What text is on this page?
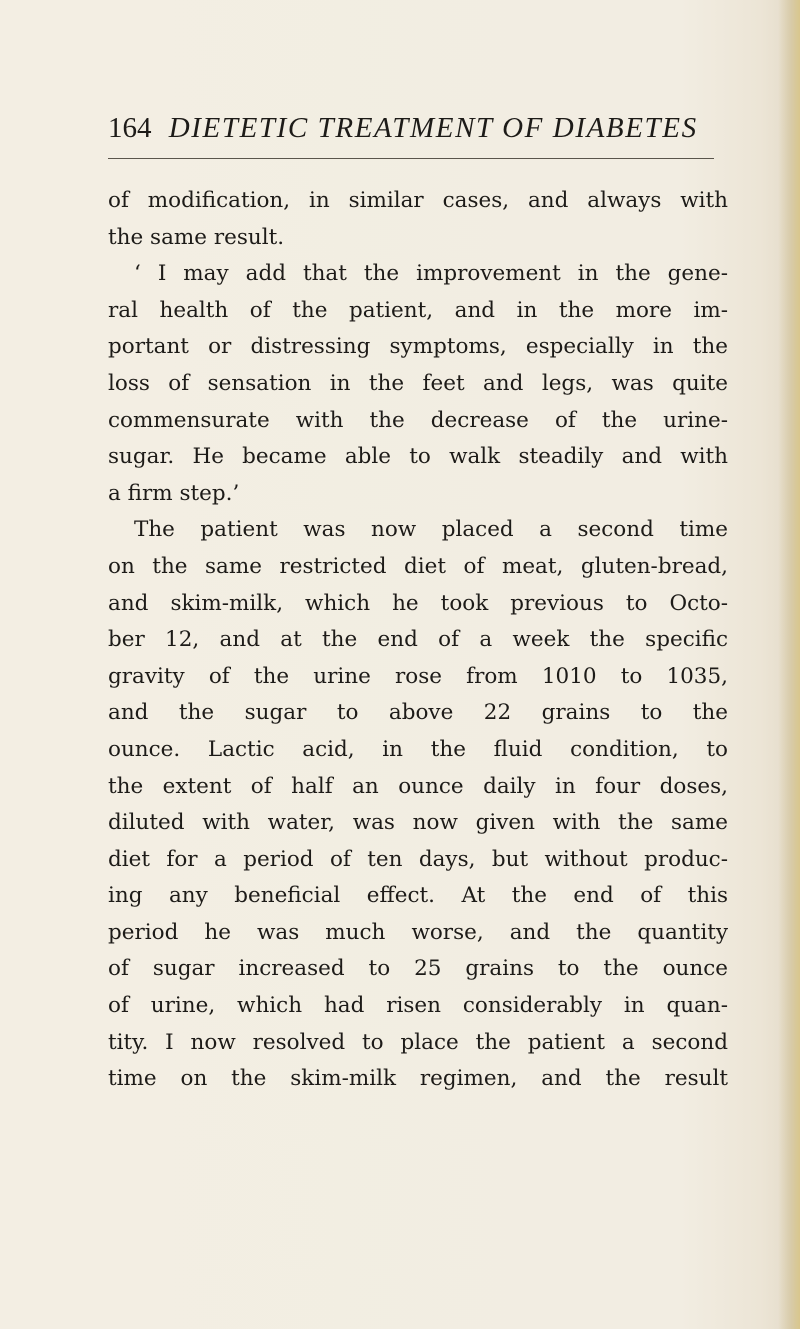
164 DIETETIC TREATMENT OF DIABETES
of modification, in similar cases, and always with
the same result.
‘ I may add that the improvement in the gene-
ral health of the patient, and in the more im-
portant or distressing symptoms, especially in the
loss of sensation in the feet and legs, was quite
commensurate with the decrease of the urine-
sugar. He became able to walk steadily and with
a firm step.’
The patient was now placed a second time
on the same restricted diet of meat, gluten-bread,
and skim-milk, which he took previous to Octo-
ber 12, and at the end of a week the specific
gravity of the urine rose from 1010 to 1035,
and the sugar to above 22 grains to the
ounce. Lactic acid, in the fluid condition, to
the extent of half an ounce daily in four doses,
diluted with water, was now given with the same
diet for a period of ten days, but without produc-
ing any beneficial effect. At the end of this
period he was much worse, and the quantity
of sugar increased to 25 grains to the ounce
of urine, which had risen considerably in quan-
tity. I now resolved to place the patient a second
time on the skim-milk regimen, and the result
